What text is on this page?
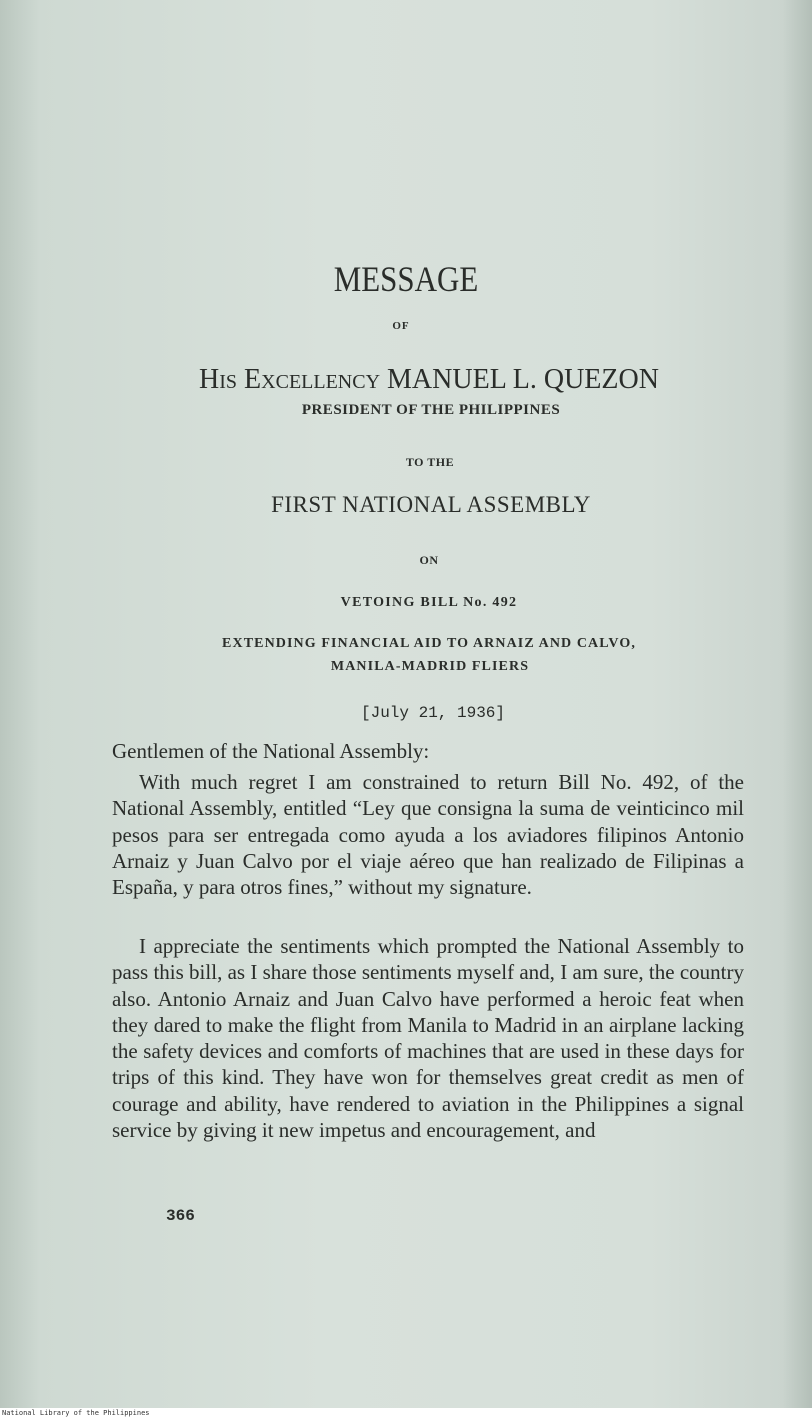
MESSAGE
OF
His Excellency MANUEL L. QUEZON
PRESIDENT OF THE PHILIPPINES
TO THE
FIRST NATIONAL ASSEMBLY
ON
VETOING BILL No. 492
EXTENDING FINANCIAL AID TO ARNAIZ AND CALVO,
MANILA-MADRID FLIERS
[July 21, 1936]
Gentlemen of the National Assembly:
With much regret I am constrained to return Bill No. 492, of the National Assembly, entitled “Ley que consigna la suma de veinticinco mil pesos para ser entregada como ayuda a los aviadores filipinos Antonio Arnaiz y Juan Calvo por el viaje aéreo que han realizado de Filipinas a España, y para otros fines,” without my signature.
I appreciate the sentiments which prompted the National Assembly to pass this bill, as I share those sentiments myself and, I am sure, the country also. Antonio Arnaiz and Juan Calvo have performed a heroic feat when they dared to make the flight from Manila to Madrid in an airplane lacking the safety devices and comforts of machines that are used in these days for trips of this kind. They have won for themselves great credit as men of courage and ability, have rendered to aviation in the Philippines a signal service by giving it new impetus and encouragement, and
366
National Library of the Philippines
